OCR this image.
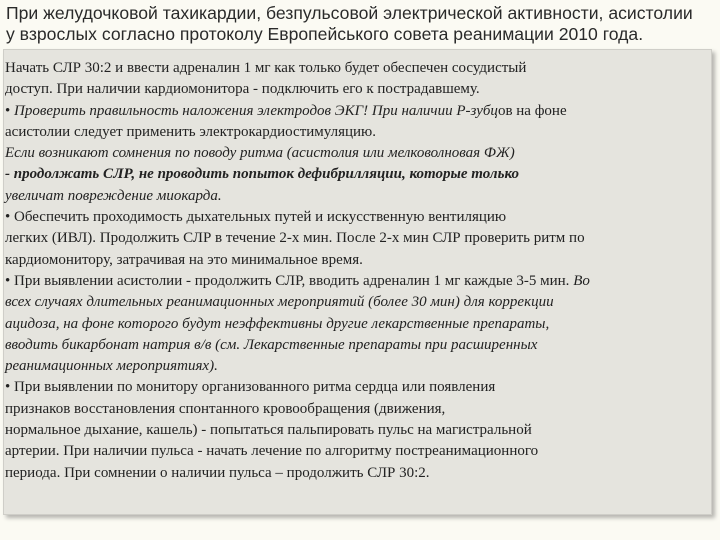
При желудочковой тахикардии, безпульсовой электрической активности, асистолии
у взрослых согласно протоколу Европейського совета реанимации 2010 года.
Начать СЛР 30:2 и ввести адреналин 1 мг как только будет обеспечен сосудистый
доступ. При наличии кардиомонитора - подключить его к пострадавшему.
• Проверить правильность наложения электродов ЭКГ! При наличии Р-зубцов на фоне
асистолии следует применить электрокардиостимуляцию.
Если возникают сомнения по поводу ритма (асистолия или мелковолновая ФЖ)
- продолжать СЛР, не проводить попыток дефибрилляции, которые только
увеличат повреждение миокарда.
• Обеспечить проходимость дыхательных путей и искусственную вентиляцию
легких (ИВЛ). Продолжить СЛР в течение 2-х мин. После 2-х мин СЛР проверить ритм по
кардиомонитору, затрачивая на это минимальное время.
• При выявлении асистолии - продолжить СЛР, вводить адреналин 1 мг каждые 3-5 мин. Во
всех случаях длительных реанимационных мероприятий (более 30 мин) для коррекции
ацидоза, на фоне которого будут неэффективны другие лекарственные препараты,
вводить бикарбонат натрия в/в (см. Лекарственные препараты при расширенных
реанимационных мероприятиях).
• При выявлении по монитору организованного ритма сердца или появления
признаков восстановления спонтанного кровообращения (движения,
нормальное дыхание, кашель) - попытаться пальпировать пульс на магистральной
артерии. При наличии пульса - начать лечение по алгоритму постреанимационного
периода. При сомнении о наличии пульса – продолжить СЛР 30:2.
